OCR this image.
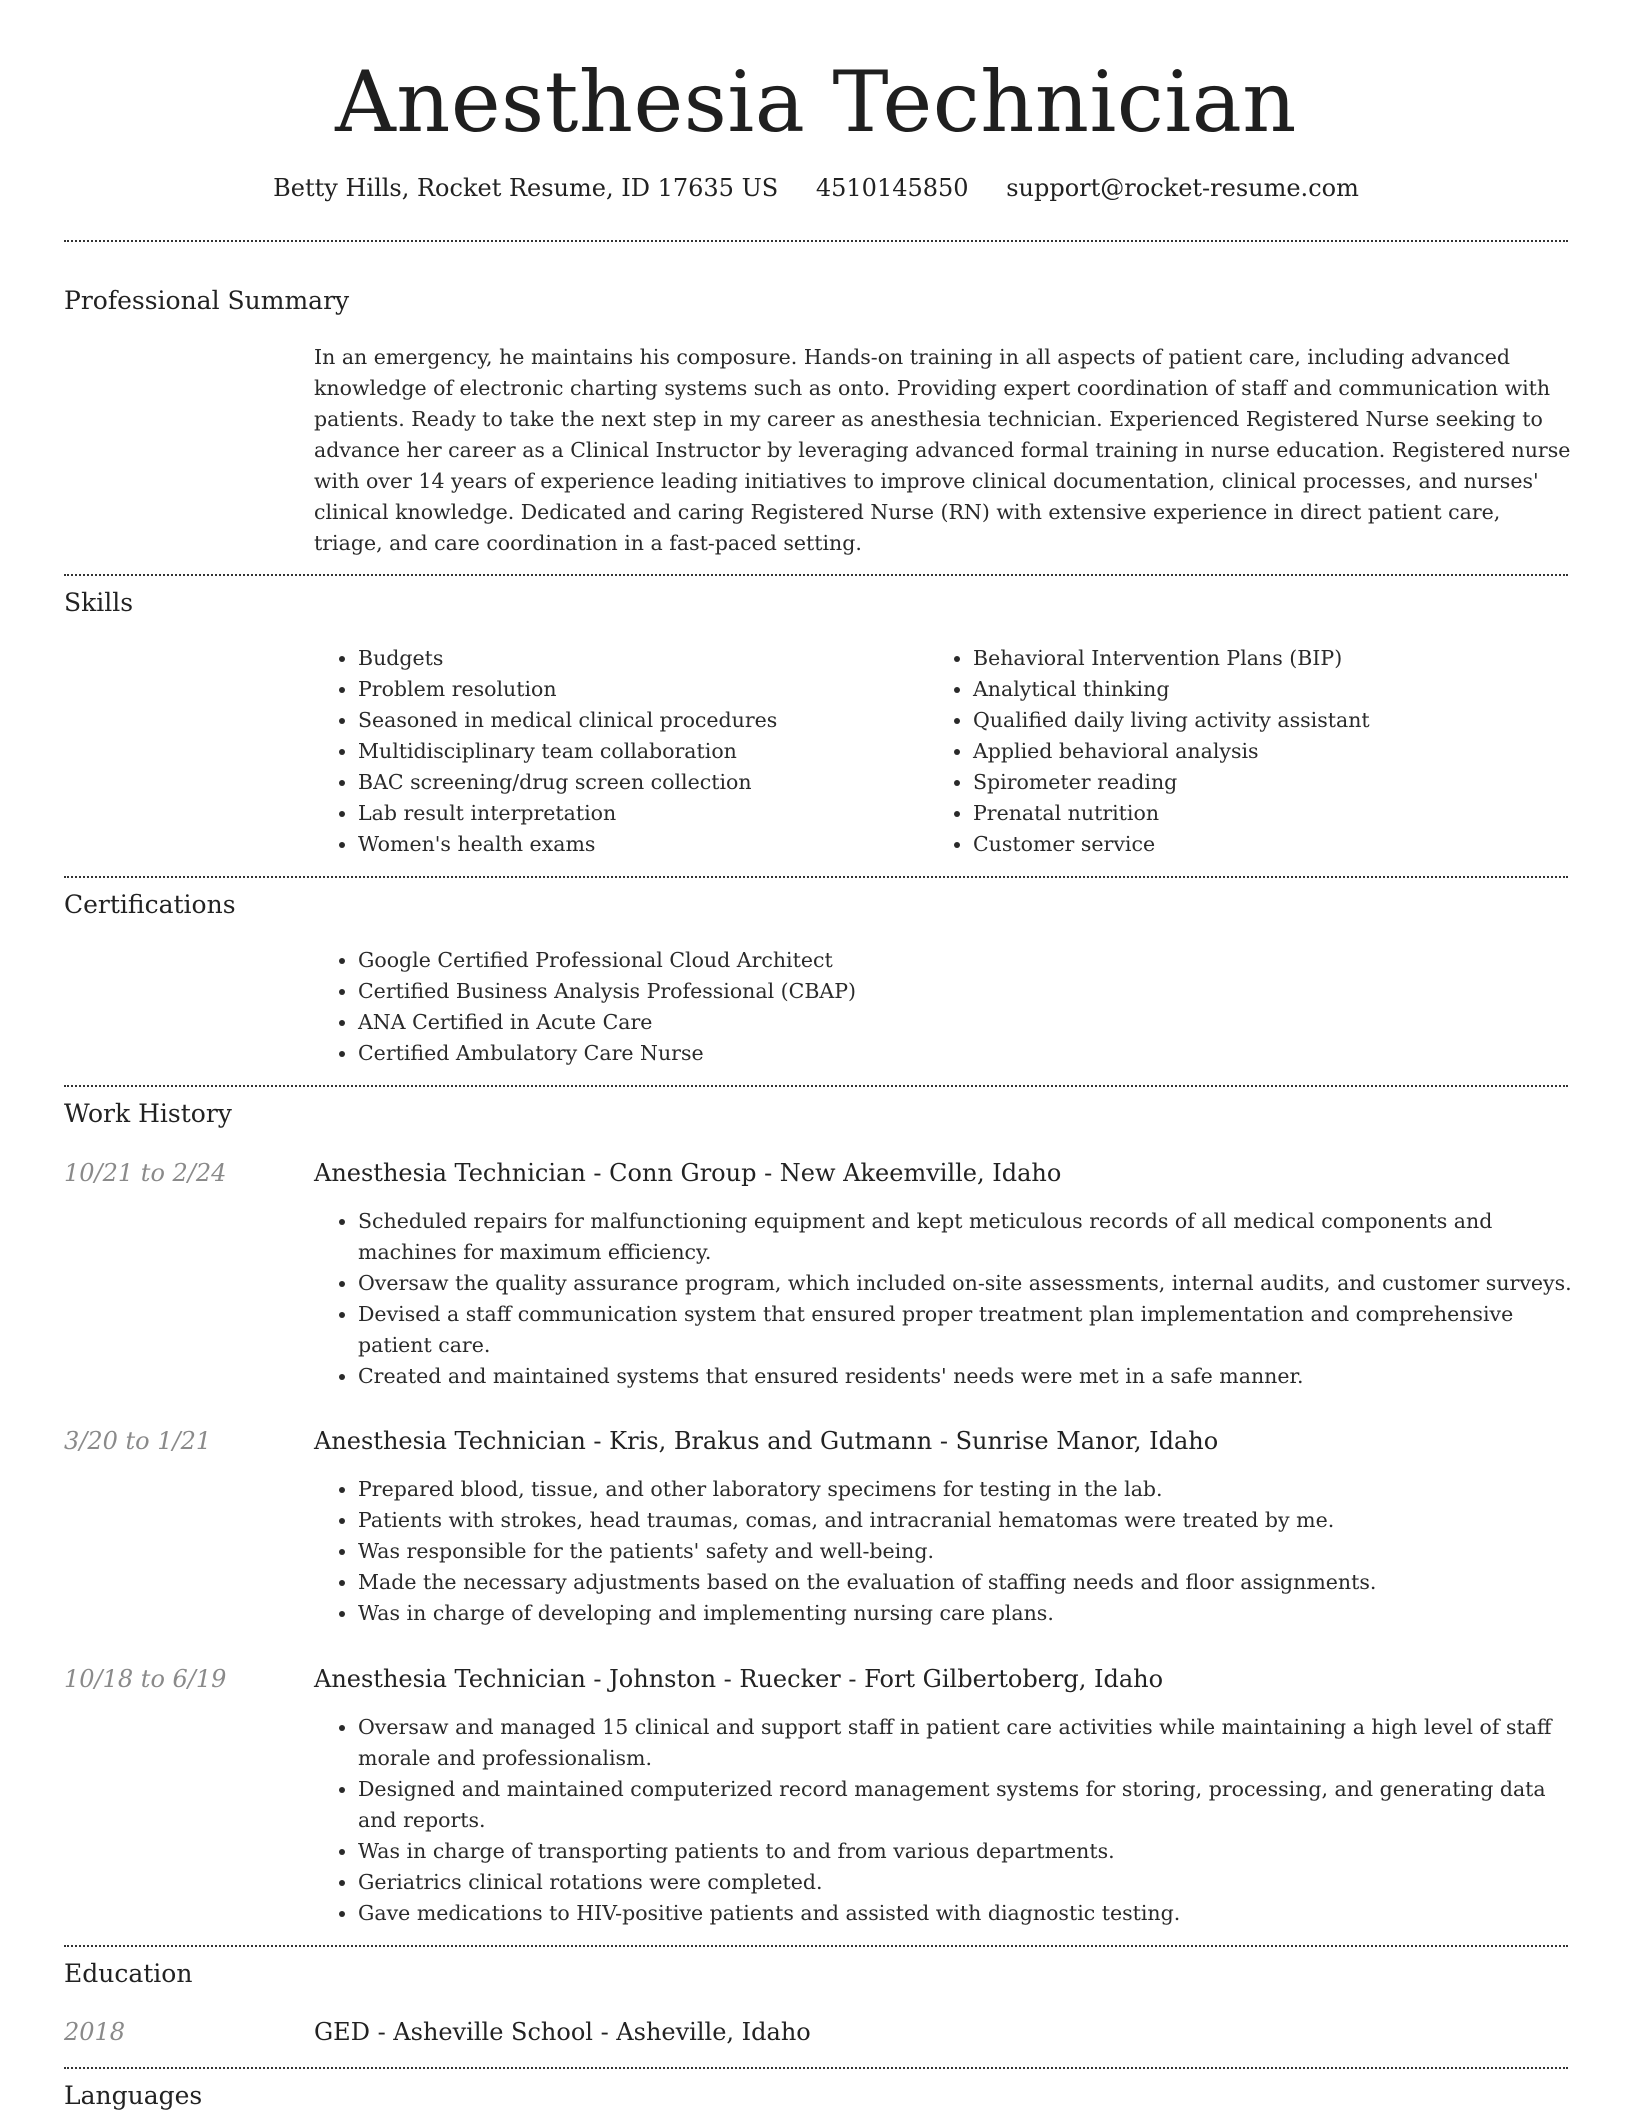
Anesthesia Technician
Betty Hills, Rocket Resume, ID 17635 US 4510145850 support@rocket-resume.com
Professional Summary

In an emergency, he maintains his composure. Hands-on training in all aspects of patient care, including advanced knowledge of electronic charting systems such as onto. Providing expert coordination of staff and communication with patients. Ready to take the next step in my career as anesthesia technician. Experienced Registered Nurse seeking to advance her career as a Clinical Instructor by leveraging advanced formal training in nurse education. Registered nurse with over 14 years of experience leading initiatives to improve clinical documentation, clinical processes, and nurses' clinical knowledge. Dedicated and caring Registered Nurse (RN) with extensive experience in direct patient care, triage, and care coordination in a fast-paced setting.

Skills
• Budgets
• Problem resolution
• Seasoned in medical clinical procedures
• Multidisciplinary team collaboration
• BAC screening/drug screen collection
• Lab result interpretation
• Women's health exams
• Behavioral Intervention Plans (BIP)
• Analytical thinking
• Qualified daily living activity assistant
• Applied behavioral analysis
• Spirometer reading
• Prenatal nutrition
• Customer service
Certifications
• Google Certified Professional Cloud Architect
• Certified Business Analysis Professional (CBAP)
• ANA Certified in Acute Care
• Certified Ambulatory Care Nurse
Work History
10/21 to 2/24	Anesthesia Technician - Conn Group - New Akeemville, Idaho
• Scheduled repairs for malfunctioning equipment and kept meticulous records of all medical components and machines for maximum efficiency.
• Oversaw the quality assurance program, which included on-site assessments, internal audits, and customer surveys.
• Devised a staff communication system that ensured proper treatment plan implementation and comprehensive patient care.
• Created and maintained systems that ensured residents' needs were met in a safe manner.
3/20 to 1/21	Anesthesia Technician - Kris, Brakus and Gutmann - Sunrise Manor, Idaho
• Prepared blood, tissue, and other laboratory specimens for testing in the lab.
• Patients with strokes, head traumas, comas, and intracranial hematomas were treated by me.
• Was responsible for the patients' safety and well-being.
• Made the necessary adjustments based on the evaluation of staffing needs and floor assignments.
• Was in charge of developing and implementing nursing care plans.
10/18 to 6/19	Anesthesia Technician - Johnston - Ruecker - Fort Gilbertoberg, Idaho
• Oversaw and managed 15 clinical and support staff in patient care activities while maintaining a high level of staff morale and professionalism.
• Designed and maintained computerized record management systems for storing, processing, and generating data and reports.
• Was in charge of transporting patients to and from various departments.
• Geriatrics clinical rotations were completed.
• Gave medications to HIV-positive patients and assisted with diagnostic testing.
Education
2018	GED - Asheville School - Asheville, Idaho
Languages
